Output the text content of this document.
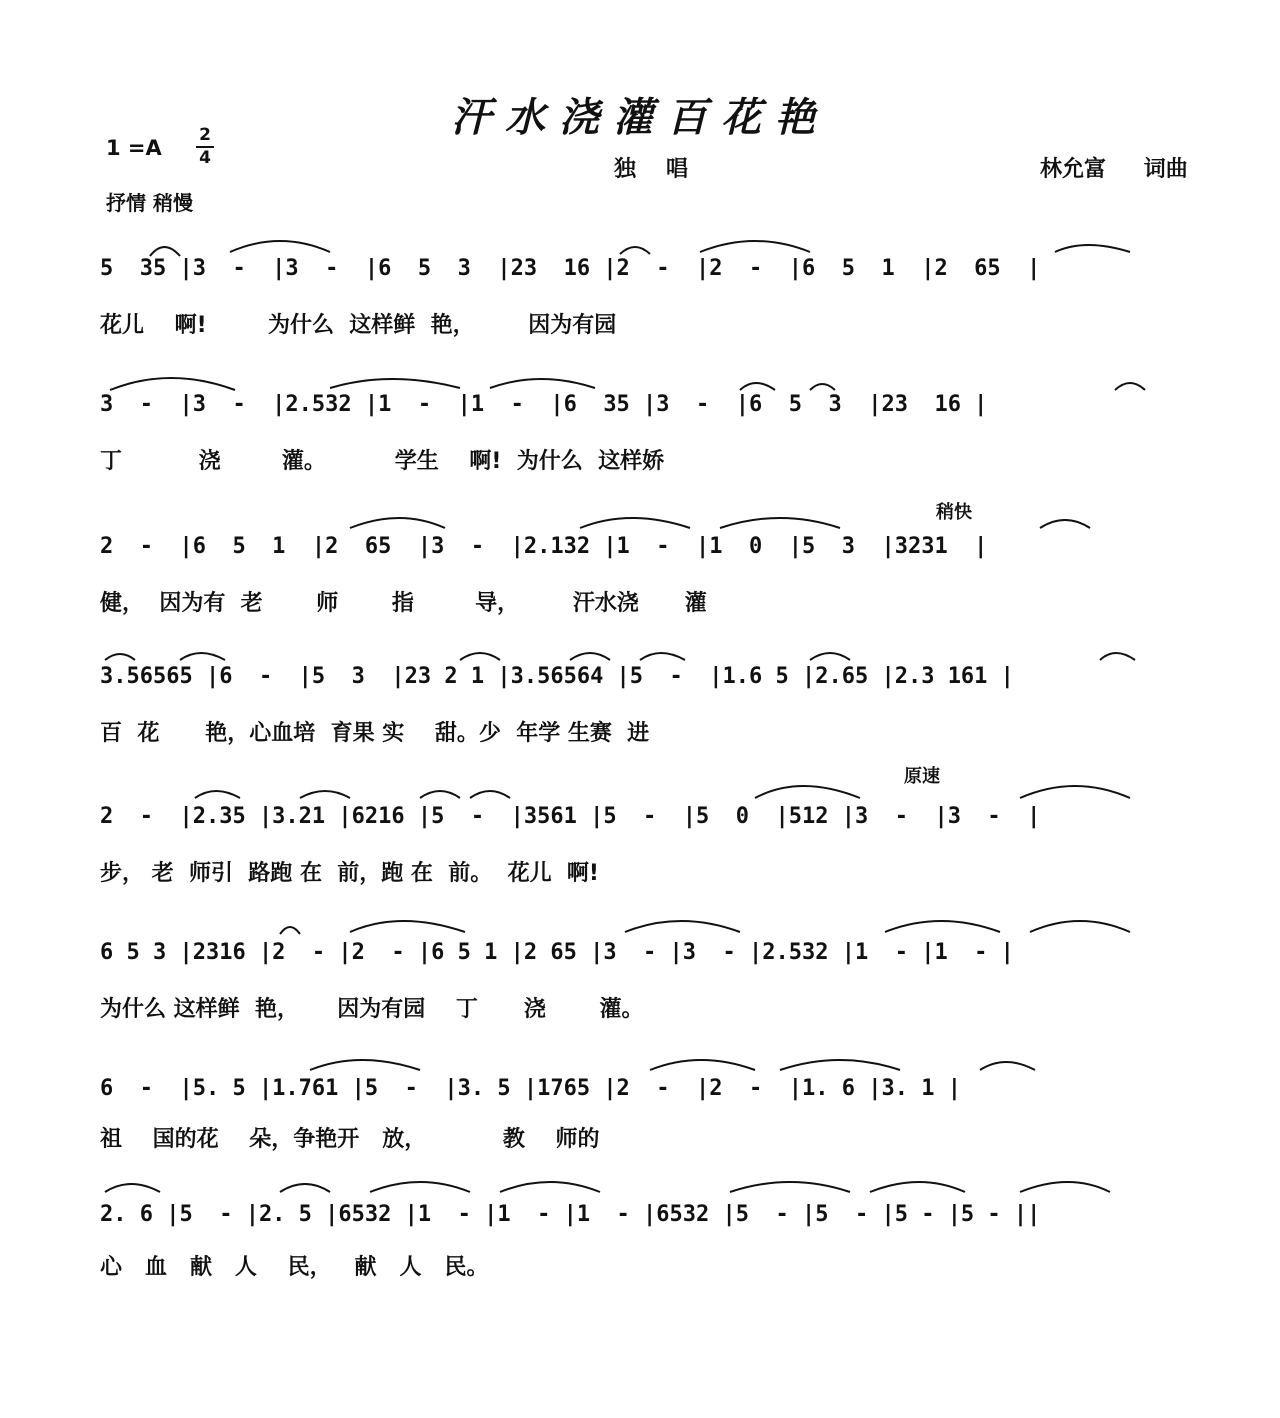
汗水浇灌百花艳
1 =A
2
4	独唱	林允富 词曲
抒情 稍慢
稍快
原速
5  35 |3  -  |3  -  |6  5  3  |23  16 |2  -  |2  -  |6  5  1  |2  65  |
花儿    啊!        为什么  这样鲜  艳，       因为有园
3  -  |3  -  |2.532 |1  -  |1  -  |6  35 |3  -  |6  5  3  |23  16 |
丁          浇        灌。         学生    啊!  为什么  这样娇
2  -  |6  5  1  |2  65  |3  -  |2.132 |1  -  |1  0  |5  3  |3231  |
健，  因为有  老       师       指        导，       汗水浇      灌
3.56565 |6  -  |5  3  |23 2 1 |3.56564 |5  -  |1.6 5 |2.65 |2.3 161 |
百  花      艳，心血培  育果 实    甜。少  年学 生赛  进
2  -  |2.35 |3.21 |6216 |5  -  |3561 |5  -  |5  0  |512 |3  -  |3  -  |
步， 老  师引  路跑 在  前，跑 在  前。  花儿  啊!
6 5 3 |2316 |2  - |2  - |6 5 1 |2 65 |3  - |3  - |2.532 |1  - |1  - |
为什么 这样鲜  艳，     因为有园    丁      浇       灌。
6  -  |5. 5 |1.761 |5  -  |3. 5 |1765 |2  -  |2  -  |1. 6 |3. 1 |
祖    国的花    朵，争艳开   放，          教    师的
2. 6 |5  - |2. 5 |6532 |1  - |1  - |1  - |6532 |5  - |5  - |5 - |5 - ||
心   血   献   人    民，   献   人   民。
